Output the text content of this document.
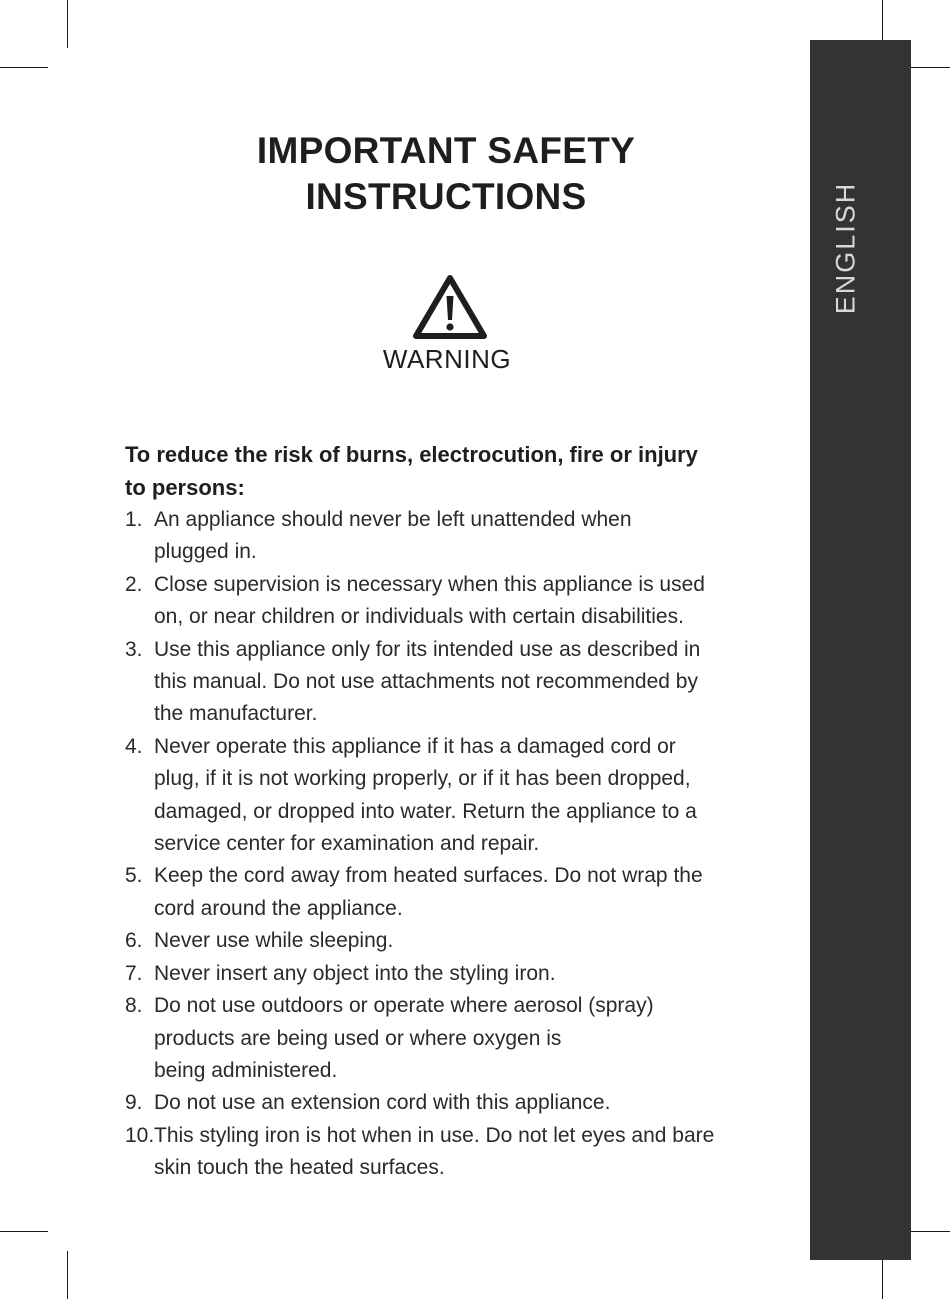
ENGLISH
IMPORTANT SAFETY
INSTRUCTIONS
WARNING
To reduce the risk of burns, electrocution, fire or injury
to persons:
1. An appliance should never be left unattended when
plugged in.
2. Close supervision is necessary when this appliance is used
on, or near children or individuals with certain disabilities.
3. Use this appliance only for its intended use as described in
this manual. Do not use attachments not recommended by
the manufacturer.
4. Never operate this appliance if it has a damaged cord or
plug, if it is not working properly, or if it has been dropped,
damaged, or dropped into water. Return the appliance to a
service center for examination and repair.
5. Keep the cord away from heated surfaces. Do not wrap the
cord around the appliance.
6. Never use while sleeping.
7. Never insert any object into the styling iron.
8. Do not use outdoors or operate where aerosol (spray)
products are being used or where oxygen is
being administered.
9. Do not use an extension cord with this appliance.
10. This styling iron is hot when in use. Do not let eyes and bare
skin touch the heated surfaces.
